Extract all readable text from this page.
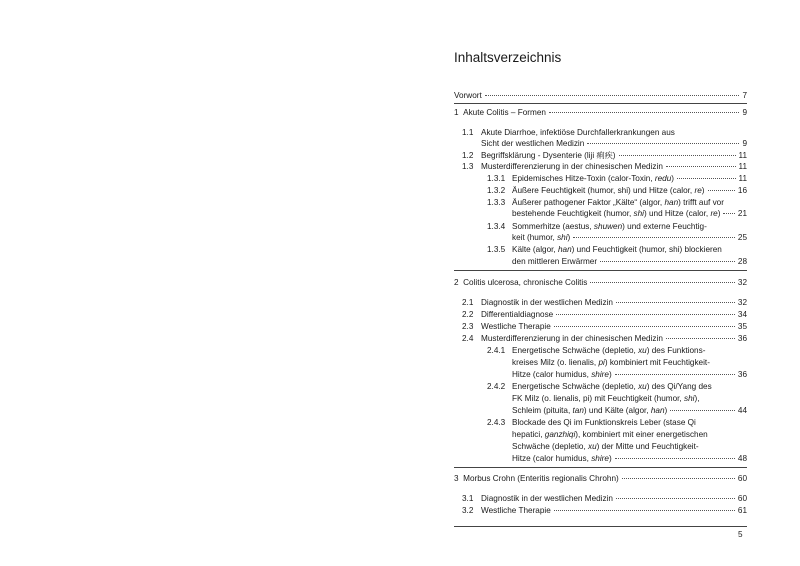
Inhaltsverzeichnis
Vorwort	7
1 Akute Colitis – Formen	9
1.1 Akute Diarrhoe, infektiöse Durchfallerkrankungen aus
Sicht der westlichen Medizin	9
1.2 Begriffsklärung - Dysenterie (liji 痢疾)	11
1.3 Musterdifferenzierung in der chinesischen Medizin	11
1.3.1 Epidemisches Hitze-Toxin (calor-Toxin, redu)	11
1.3.2 Äußere Feuchtigkeit (humor, shi) und Hitze (calor, re)	16
1.3.3 Äußerer pathogener Faktor „Kälte“ (algor, han) trifft auf vor
bestehende Feuchtigkeit (humor, shi) und Hitze (calor, re) 21
1.3.4 Sommerhitze (aestus, shuwen) und externe Feuchtig-
keit (humor, shi)	25
1.3.5 Kälte (algor, han) und Feuchtigkeit (humor, shi) blockieren
den mittleren Erwärmer	28
2 Colitis ulcerosa, chronische Colitis	32
2.1 Diagnostik in der westlichen Medizin	32
2.2 Differentialdiagnose	34
2.3 Westliche Therapie	35
2.4 Musterdifferenzierung in der chinesischen Medizin	36
2.4.1 Energetische Schwäche (depletio, xu) des Funktions-
kreises Milz (o. lienalis, pi) kombiniert mit Feuchtigkeit-
Hitze (calor humidus, shire)	36
2.4.2 Energetische Schwäche (depletio, xu) des Qi/Yang des
FK Milz (o. lienalis, pi) mit Feuchtigkeit (humor, shi),
Schleim (pituita, tan) und Kälte (algor, han)	44
2.4.3 Blockade des Qi im Funktionskreis Leber (stase Qi
hepatici, ganzhiqi), kombiniert mit einer energetischen
Schwäche (depletio, xu) der Mitte und Feuchtigkeit-
Hitze (calor humidus, shire)	48
3 Morbus Crohn (Enteritis regionalis Chrohn)	60
3.1 Diagnostik in der westlichen Medizin	60
3.2 Westliche Therapie	61
5
